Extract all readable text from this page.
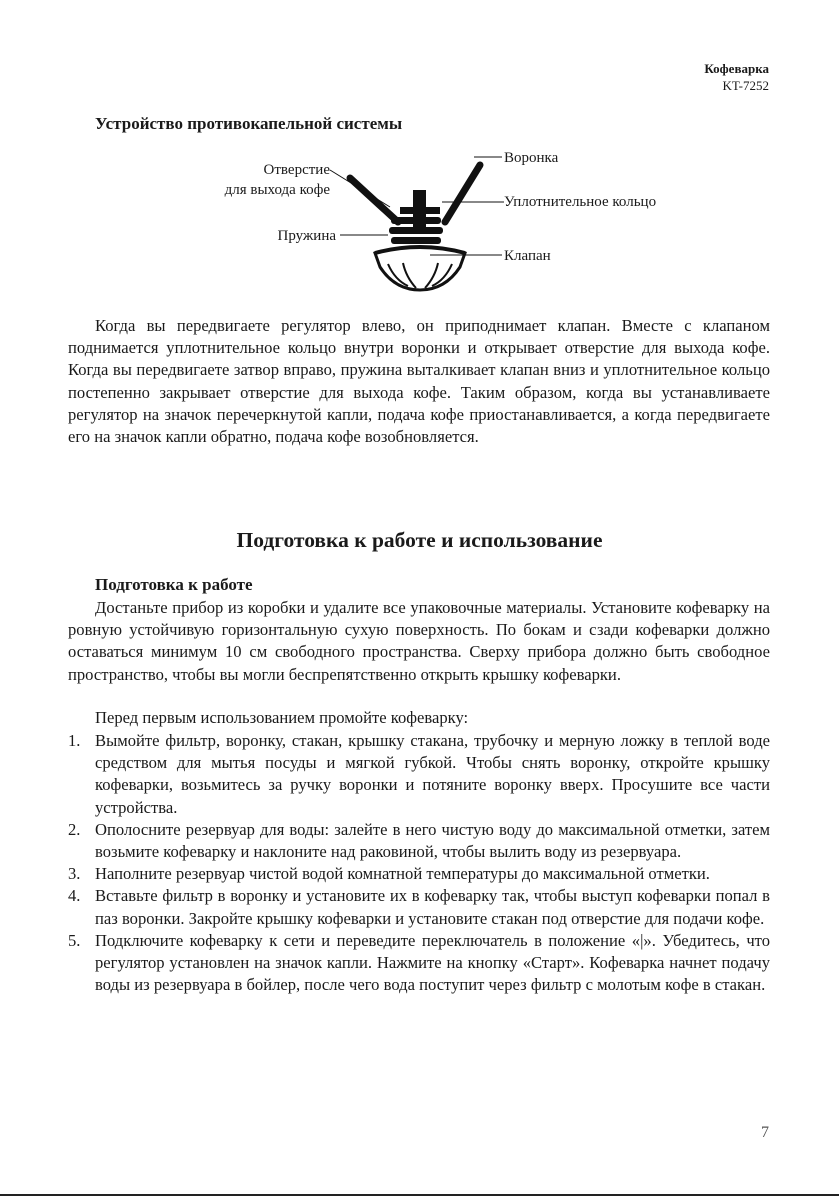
Кофеварка
KT-7252
Устройство противокапельной системы
Отверстие
для выхода кофе
Воронка
Уплотнительное кольцо
Пружина
Клапан

Когда вы передвигаете регулятор влево, он приподнимает клапан. Вместе с клапаном поднимается уплотнительное кольцо внутри воронки и открывает отверстие для выхода кофе. Когда вы передвигаете затвор вправо, пружина выталкивает клапан вниз и уплотнительное кольцо постепенно закрывает отверстие для выхода кофе. Таким образом, когда вы устанавливаете регулятор на значок перечеркнутой капли, подача кофе приостанавливается, а когда передвигаете его на значок капли обратно, подача кофе возобновляется.

Подготовка к работе и использование
Подготовка к работе

Достаньте прибор из коробки и удалите все упаковочные материалы. Установите кофеварку на ровную устойчивую горизонтальную сухую поверхность. По бокам и сзади кофеварки должно оставаться минимум 10 см свободного пространства. Сверху прибора должно быть свободное пространство, чтобы вы могли беспрепятственно открыть крышку кофеварки.

Перед первым использованием промойте кофеварку:

1. Вымойте фильтр, воронку, стакан, крышку стакана, трубочку и мерную ложку в теплой воде средством для мытья посуды и мягкой губкой. Чтобы снять воронку, откройте крышку кофеварки, возьмитесь за ручку воронки и потяните воронку вверх. Просушите все части устройства.
2. Ополосните резервуар для воды: залейте в него чистую воду до максимальной отметки, затем возьмите кофеварку и наклоните над раковиной, чтобы вылить воду из резервуара.
3. Наполните резервуар чистой водой комнатной температуры до максимальной отметки.
4. Вставьте фильтр в воронку и установите их в кофеварку так, чтобы выступ кофеварки попал в паз воронки. Закройте крышку кофеварки и установите стакан под отверстие для подачи кофе.
5. Подключите кофеварку к сети и переведите переключатель в положение «|». Убедитесь, что регулятор установлен на значок капли. Нажмите на кнопку «Старт». Кофеварка начнет подачу воды из резервуара в бойлер, после чего вода поступит через фильтр с молотым кофе в стакан.
7
